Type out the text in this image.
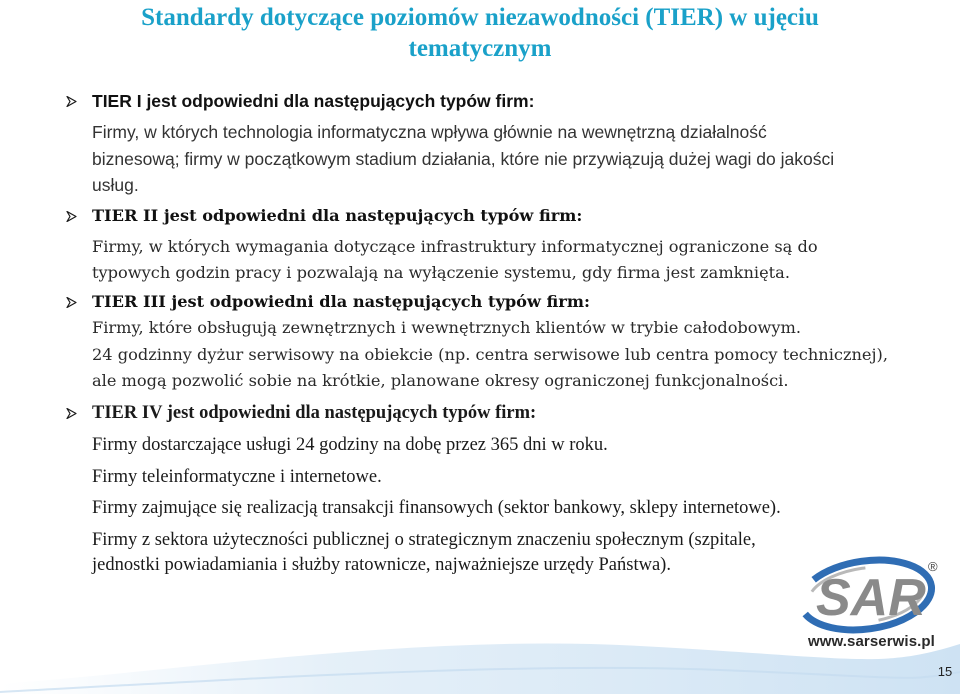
Standardy dotyczące poziomów niezawodności (TIER) w ujęciu
tematycznym
TIER I jest odpowiedni dla następujących typów firm:
Firmy, w których technologia informatyczna wpływa głównie na wewnętrzną działalność
biznesową; firmy w początkowym stadium działania, które nie przywiązują dużej wagi do jakości
usług.
TIER II jest odpowiedni dla następujących typów firm:
Firmy, w których wymagania dotyczące infrastruktury informatycznej ograniczone są do
typowych godzin pracy i pozwalają na wyłączenie systemu, gdy firma jest zamknięta.
TIER III jest odpowiedni dla następujących typów firm:
Firmy, które obsługują zewnętrznych i wewnętrznych klientów w trybie całodobowym.
24 godzinny dyżur serwisowy na obiekcie (np. centra serwisowe lub centra pomocy technicznej),
ale mogą pozwolić sobie na krótkie, planowane okresy ograniczonej funkcjonalności.
TIER IV jest odpowiedni dla następujących typów firm:
Firmy dostarczające usługi 24 godziny na dobę przez 365 dni w roku.
Firmy teleinformatyczne i internetowe.
Firmy zajmujące się realizacją transakcji finansowych (sektor bankowy, sklepy internetowe).
Firmy z sektora użyteczności publicznej o strategicznym znaczeniu społecznym (szpitale,
jednostki powiadamiania i służby ratownicze, najważniejsze urzędy Państwa).
SAR
®
www.sarserwis.pl
15
